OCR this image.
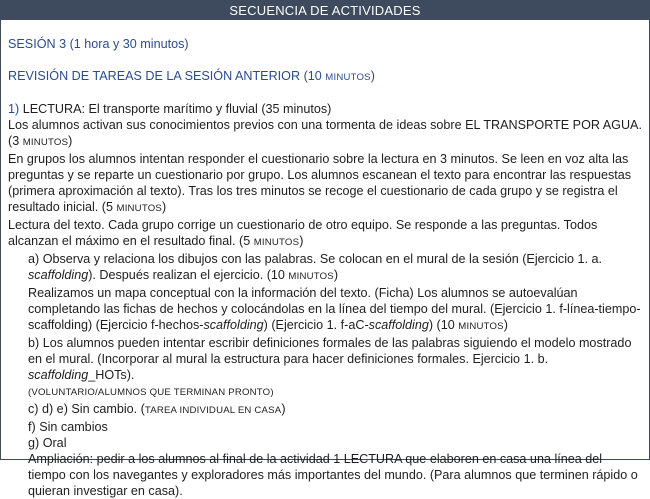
SECUENCIA DE ACTIVIDADES

SESIÓN 3 (1 hora y 30 minutos)

REVISIÓN DE TAREAS DE LA SESIÓN ANTERIOR (10 MINUTOS)

1) LECTURA: El transporte marítimo y fluvial (35 minutos)

Los alumnos activan sus conocimientos previos con una tormenta de ideas sobre EL TRANSPORTE POR AGUA. (3 MINUTOS)

En grupos los alumnos intentan responder el cuestionario sobre la lectura en 3 minutos. Se leen en voz alta las preguntas y se reparte un cuestionario por grupo. Los alumnos escanean el texto para encontrar las respuestas (primera aproximación al texto). Tras los tres minutos se recoge el cuestionario de cada grupo y se registra el resultado inicial. (5 MINUTOS)

Lectura del texto. Cada grupo corrige un cuestionario de otro equipo. Se responde a las preguntas. Todos alcanzan el máximo en el resultado final. (5 MINUTOS)

a) Observa y relaciona los dibujos con las palabras. Se colocan en el mural de la sesión (Ejercicio 1. a. scaffolding). Después realizan el ejercicio. (10 MINUTOS)

Realizamos un mapa conceptual con la información del texto. (Ficha) Los alumnos se autoevalúan completando las fichas de hechos y colocándolas en la línea del tiempo del mural. (Ejercicio 1. f-línea-tiempo-scaffolding) (Ejercicio f-hechos-scaffolding) (Ejercicio 1. f-aC-scaffolding) (10 MINUTOS)

b) Los alumnos pueden intentar escribir definiciones formales de las palabras siguiendo el modelo mostrado en el mural. (Incorporar al mural la estructura para hacer definiciones formales. Ejercicio 1. b. scaffolding_HOTs).
(VOLUNTARIO/ALUMNOS QUE TERMINAN PRONTO)

c) d) e) Sin cambio. (TAREA INDIVIDUAL EN CASA)

f) Sin cambios

g) Oral

Ampliación: pedir a los alumnos al final de la actividad 1 LECTURA que elaboren en casa una línea del tiempo con los navegantes y exploradores más importantes del mundo. (Para alumnos que terminen rápido o quieran investigar en casa).
